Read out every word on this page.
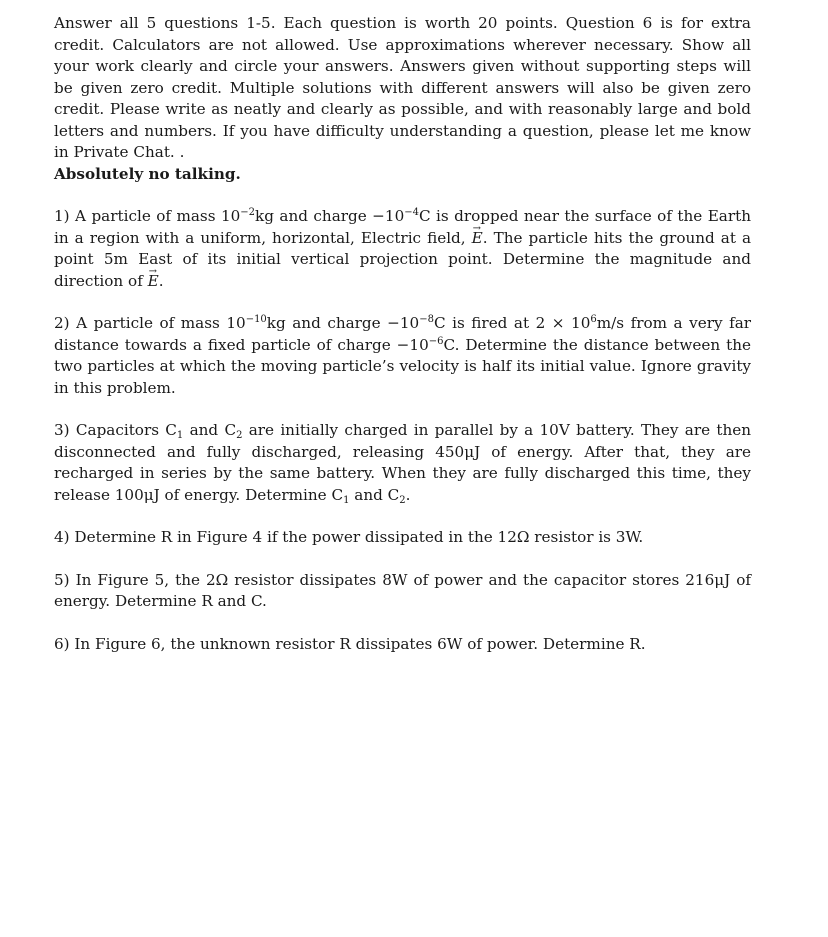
Answer all 5 questions 1-5. Each question is worth 20 points. Question 6 is for extra credit. Calculators are not allowed. Use approximations wherever necessary. Show all your work clearly and circle your answers. Answers given without supporting steps will be given zero credit. Multiple solutions with different answers will also be given zero credit. Please write as neatly and clearly as possible, and with reasonably large and bold letters and numbers. If you have difficulty understanding a question, please let me know in Private Chat. .
Absolutely no talking.

1) A particle of mass $10^{-2}kg$ and charge $-10^{-4}C$ is dropped near the surface of the Earth in a region with a uniform, horizontal, Electric field, → E. The particle hits the ground at a point 5m East of its initial vertical projection point. Determine the magnitude and direction of → E.

2) A particle of mass $10^{-10}kg$ and charge $-10^{-8}C$ is fired at $2 \times 10^6m/s$ from a very far distance towards a fixed particle of charge $-10^{-6}C$. Determine the distance between the two particles at which the moving particle’s velocity is half its initial value. Ignore gravity in this problem.

3) Capacitors $C_1$ and $C_2$ are initially charged in parallel by a 10V battery. They are then disconnected and fully discharged, releasing 450μJ of energy. After that, they are recharged in series by the same battery. When they are fully discharged this time, they release 100μJ of energy. Determine $C_1$ and $C_2$.

4) Determine R in Figure 4 if the power dissipated in the 12Ω resistor is 3W.

5) In Figure 5, the 2Ω resistor dissipates 8W of power and the capacitor stores 216μJ of energy. Determine R and C.

6) In Figure 6, the unknown resistor R dissipates 6W of power. Determine R.
